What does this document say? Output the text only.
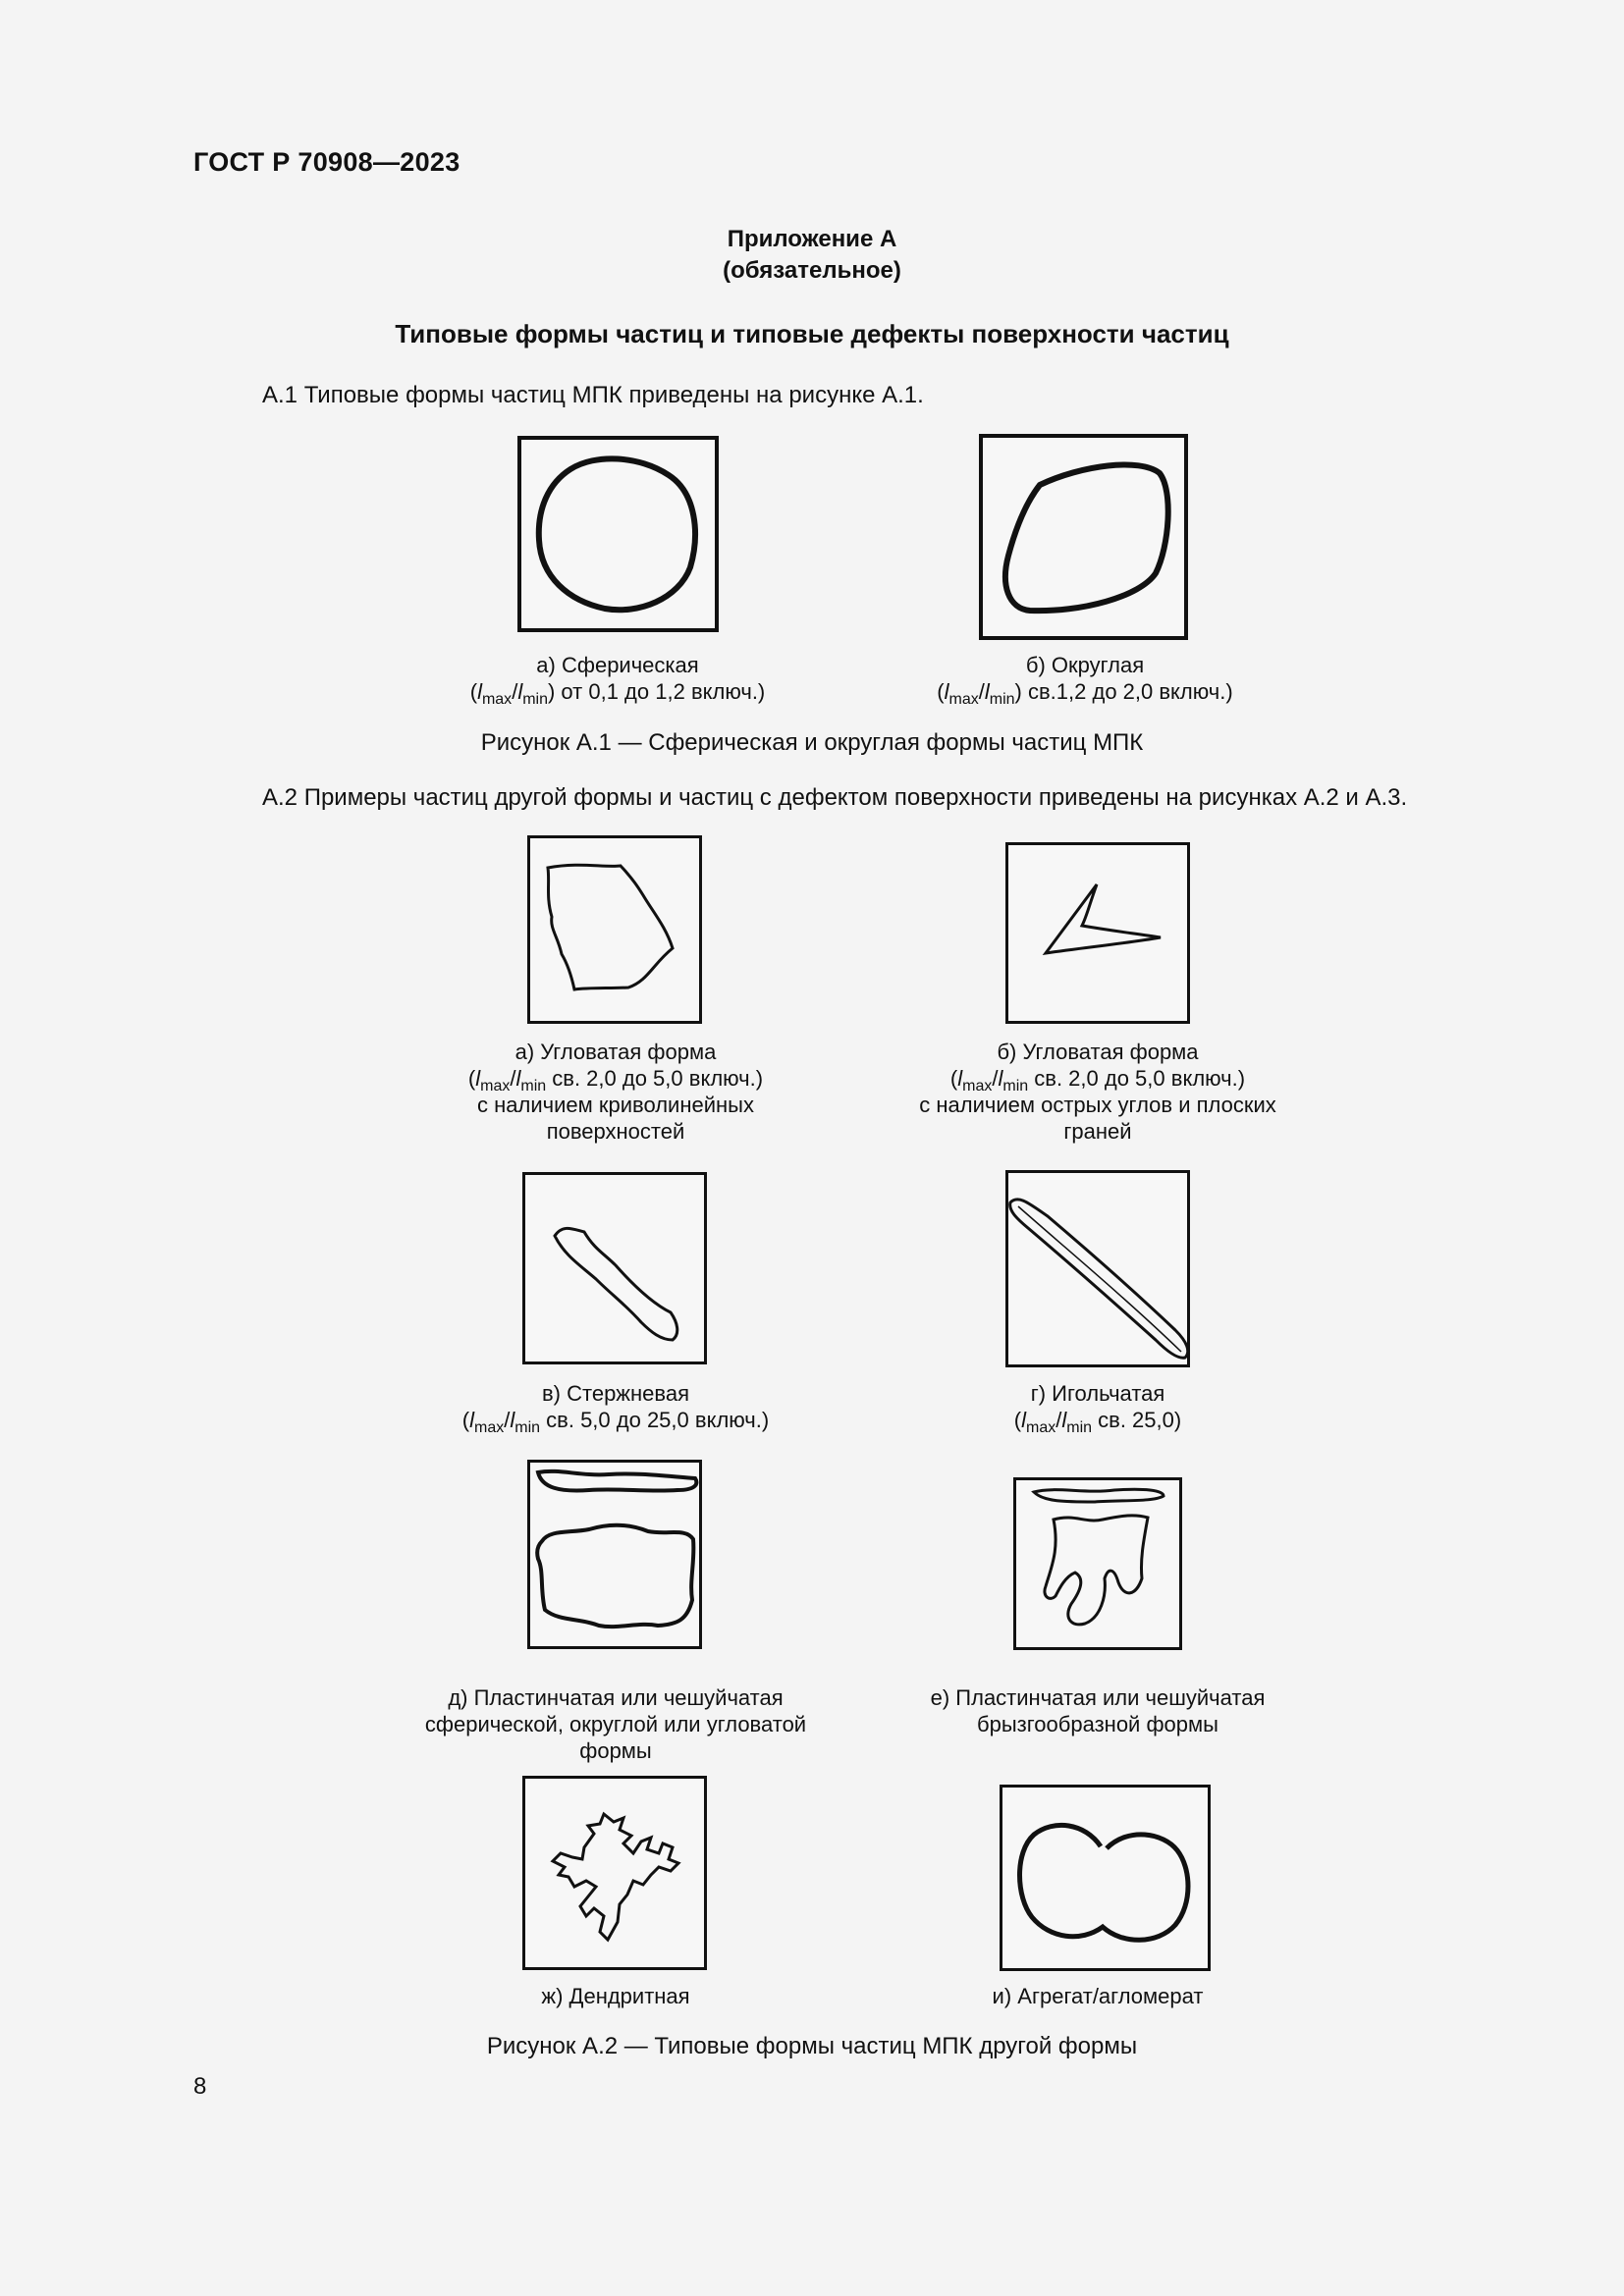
ГОСТ Р 70908—2023
Приложение А
(обязательное)
Типовые формы частиц и типовые дефекты поверхности частиц
А.1 Типовые формы частиц МПК приведены на рисунке А.1.
а) Сферическая
$(l_{max}/l_{min})$ от 0,1 до 1,2 включ.)
б) Округлая
$(l_{max}/l_{min})$ св.1,2 до 2,0 включ.)
Рисунок А.1 — Сферическая и округлая формы частиц МПК
А.2 Примеры частиц другой формы и частиц с дефектом поверхности приведены на рисунках А.2 и А.3.
а) Угловатая форма
($l_{max}/l_{min}$ св. 2,0 до 5,0 включ.)
с наличием криволинейных
поверхностей
б) Угловатая форма
($l_{max}/l_{min}$ св. 2,0 до 5,0 включ.)
с наличием острых углов и плоских
граней
в) Стержневая
($l_{max}/l_{min}$ св. 5,0 до 25,0 включ.)
г) Игольчатая
($l_{max}/l_{min}$ св. 25,0)
д) Пластинчатая или чешуйчатая
сферической, округлой или угловатой
формы
е) Пластинчатая или чешуйчатая
брызгообразной формы
ж) Дендритная	и) Агрегат/агломерат
Рисунок А.2 — Типовые формы частиц МПК другой формы
8
